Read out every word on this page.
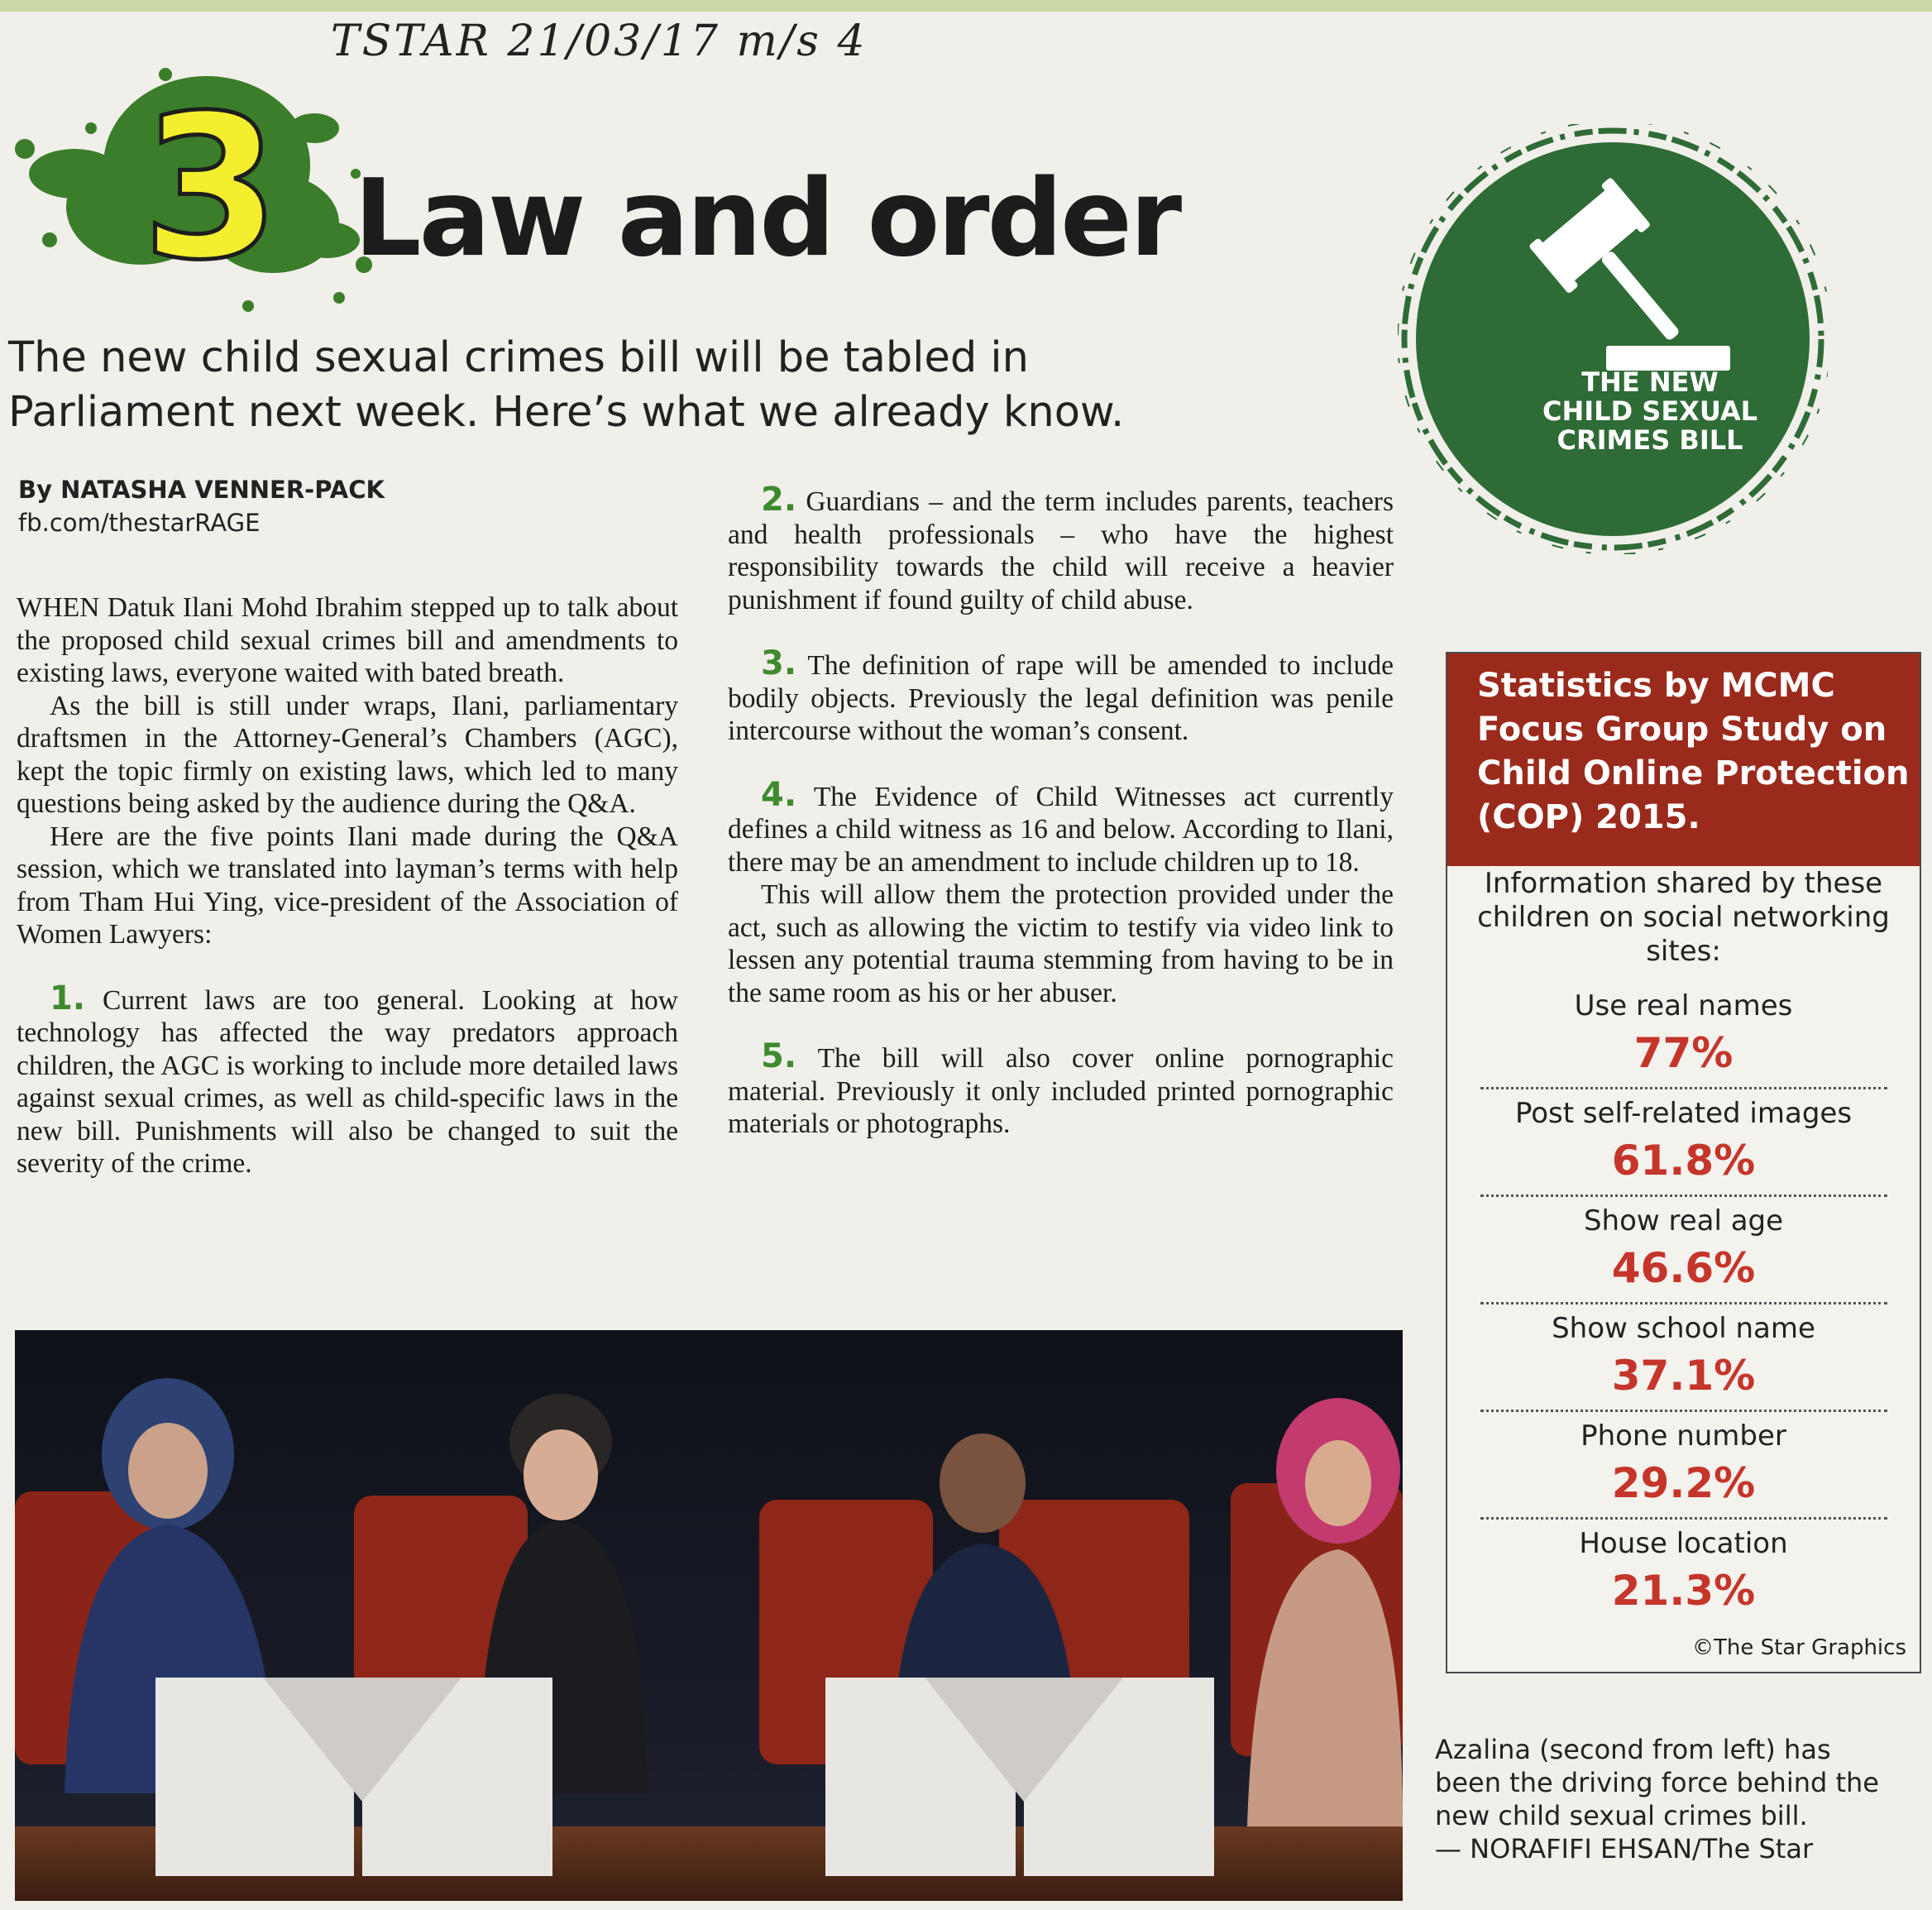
TSTAR 21/03/17 m/s 4
3 Law and order
The new child sexual crimes bill will be tabled in Parliament next week. Here’s what we already know.
By NATASHA VENNER-PACK
fb.com/thestarRAGE

WHEN Datuk Ilani Mohd Ibrahim stepped up to talk about the proposed child sexual crimes bill and amendments to existing laws, everyone waited with bated breath.

As the bill is still under wraps, Ilani, parliamentary draftsmen in the Attorney-General’s Chambers (AGC), kept the topic firmly on existing laws, which led to many questions being asked by the audience during the Q&A.

Here are the five points Ilani made during the Q&A session, which we translated into layman’s terms with help from Tham Hui Ying, vice-president of the Association of Women Lawyers:

1. Current laws are too general. Looking at how technology has affected the way predators approach children, the AGC is working to include more detailed laws against sexual crimes, as well as child-specific laws in the new bill. Punishments will also be changed to suit the severity of the crime.

2. Guardians – and the term includes parents, teachers and health professionals – who have the highest responsibility towards the child will receive a heavier punishment if found guilty of child abuse.

3. The definition of rape will be amended to include bodily objects. Previously the legal definition was penile intercourse without the woman’s consent.

4. The Evidence of Child Witnesses act currently defines a child witness as 16 and below. According to Ilani, there may be an amendment to include children up to 18.

This will allow them the protection provided under the act, such as allowing the victim to testify via video link to lessen any potential trauma stemming from having to be in the same room as his or her abuser.

5. The bill will also cover online pornographic material. Previously it only included printed pornographic materials or photographs.

THE NEW
CHILD SEXUAL
CRIMES BILL
Statistics by MCMC Focus Group Study on Child Online Protection (COP) 2015.
Information shared by these children on social networking sites:
Use real names
77%
Post self-related images
61.8%
Show real age
46.6%
Show school name
37.1%
Phone number
29.2%
House location
21.3%
©The Star Graphics
Azalina (second from left) has been the driving force behind the new child sexual crimes bill.
— NORAFIFI EHSAN/The Star
